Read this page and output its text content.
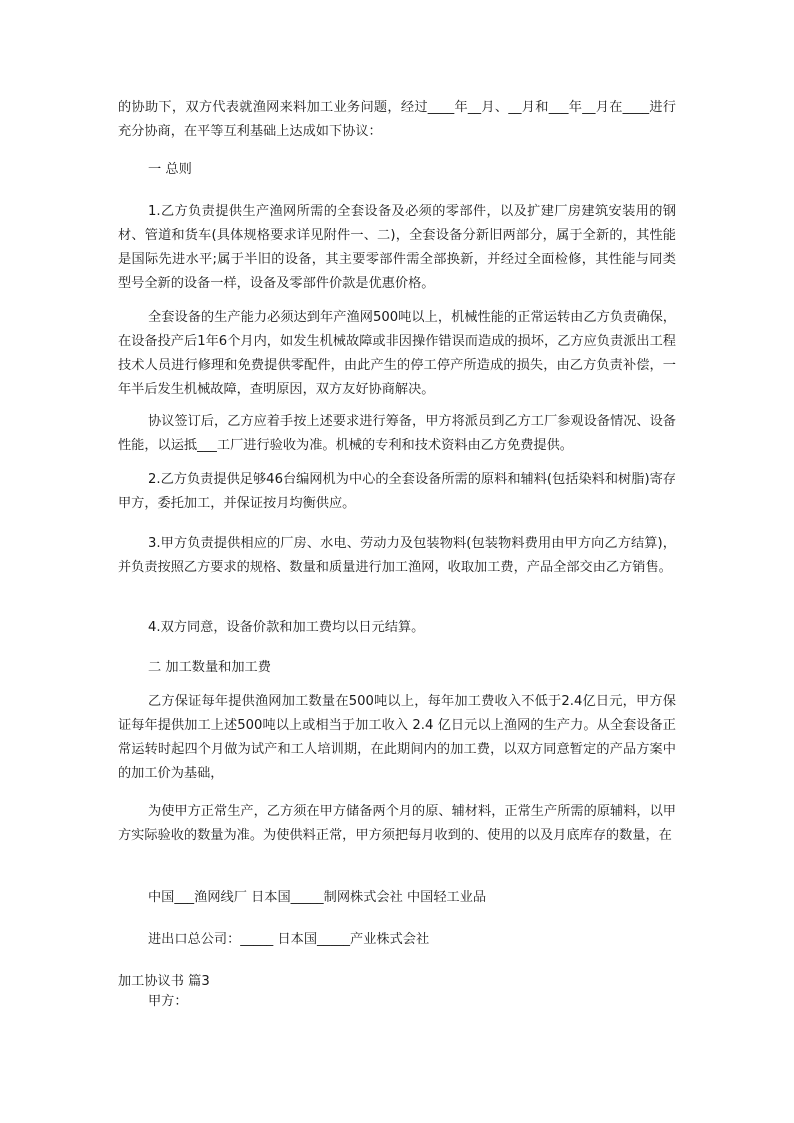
的协助下，双方代表就渔网来料加工业务问题，经过____年__月、__月和___年__月在____进行充分协商，在平等互利基础上达成如下协议：

一 总则

1.乙方负责提供生产渔网所需的全套设备及必须的零部件，以及扩建厂房建筑安装用的钢材、管道和货车(具体规格要求详见附件一、二)，全套设备分新旧两部分，属于全新的，其性能是国际先进水平;属于半旧的设备，其主要零部件需全部换新，并经过全面检修，其性能与同类型号全新的设备一样，设备及零部件价款是优惠价格。

全套设备的生产能力必须达到年产渔网500吨以上，机械性能的正常运转由乙方负责确保，在设备投产后1年6个月内，如发生机械故障或非因操作错误而造成的损坏，乙方应负责派出工程技术人员进行修理和免费提供零配件，由此产生的停工停产所造成的损失，由乙方负责补偿，一年半后发生机械故障，查明原因，双方友好协商解决。

协议签订后，乙方应着手按上述要求进行筹备，甲方将派员到乙方工厂参观设备情况、设备性能，以运抵___工厂进行验收为准。机械的专利和技术资料由乙方免费提供。

2.乙方负责提供足够46台编网机为中心的全套设备所需的原料和辅料(包括染料和树脂)寄存甲方，委托加工，并保证按月均衡供应。

3.甲方负责提供相应的厂房、水电、劳动力及包装物料(包装物料费用由甲方向乙方结算)，并负责按照乙方要求的规格、数量和质量进行加工渔网，收取加工费，产品全部交由乙方销售。

4.双方同意，设备价款和加工费均以日元结算。

二 加工数量和加工费

乙方保证每年提供渔网加工数量在500吨以上，每年加工费收入不低于2.4亿日元，甲方保证每年提供加工上述500吨以上或相当于加工收入 2.4 亿日元以上渔网的生产力。从全套设备正常运转时起四个月做为试产和工人培训期，在此期间内的加工费，以双方同意暂定的产品方案中的加工价为基础，

为使甲方正常生产，乙方须在甲方储备两个月的原、辅材料，正常生产所需的原辅料，以甲方实际验收的数量为准。为使供料正常，甲方须把每月收到的、使用的以及月底库存的数量，在

中国___渔网线厂 日本国_____制网株式会社 中国轻工业品

进出口总公司：_____ 日本国_____产业株式会社

加工协议书 篇3

甲方：
